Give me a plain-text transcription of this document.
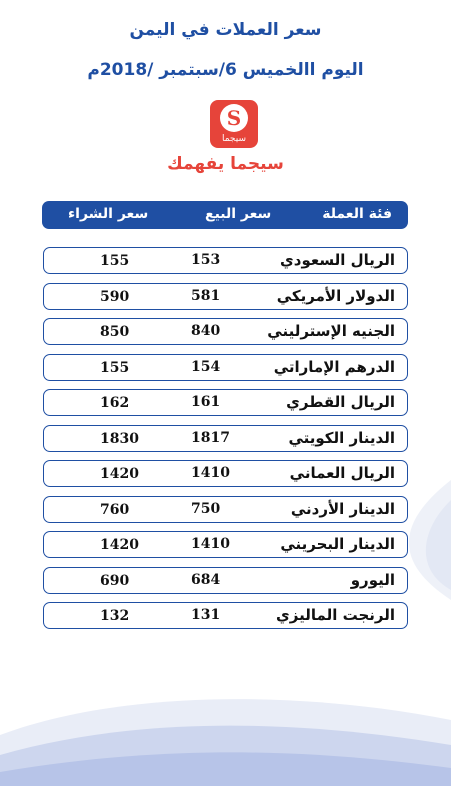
سعر العملات في اليمن
اليوم االخميس 6/سبتمبر /2018م
S
سيجما
سيجما يفهمك
فئة العملة
سعر البيع
سعر الشراء
الريال السعودي
153
155
الدولار الأمريكي
581
590
الجنيه الإسترليني
840
850
الدرهم الإماراتي
154
155
الريال القطري
161
162
الدينار الكويتي
1817
1830
الريال العماني
1410
1420
الدينار الأردني
750
760
الدينار البحريني
1410
1420
اليورو
684
690
الرنجت الماليزي
131
132
